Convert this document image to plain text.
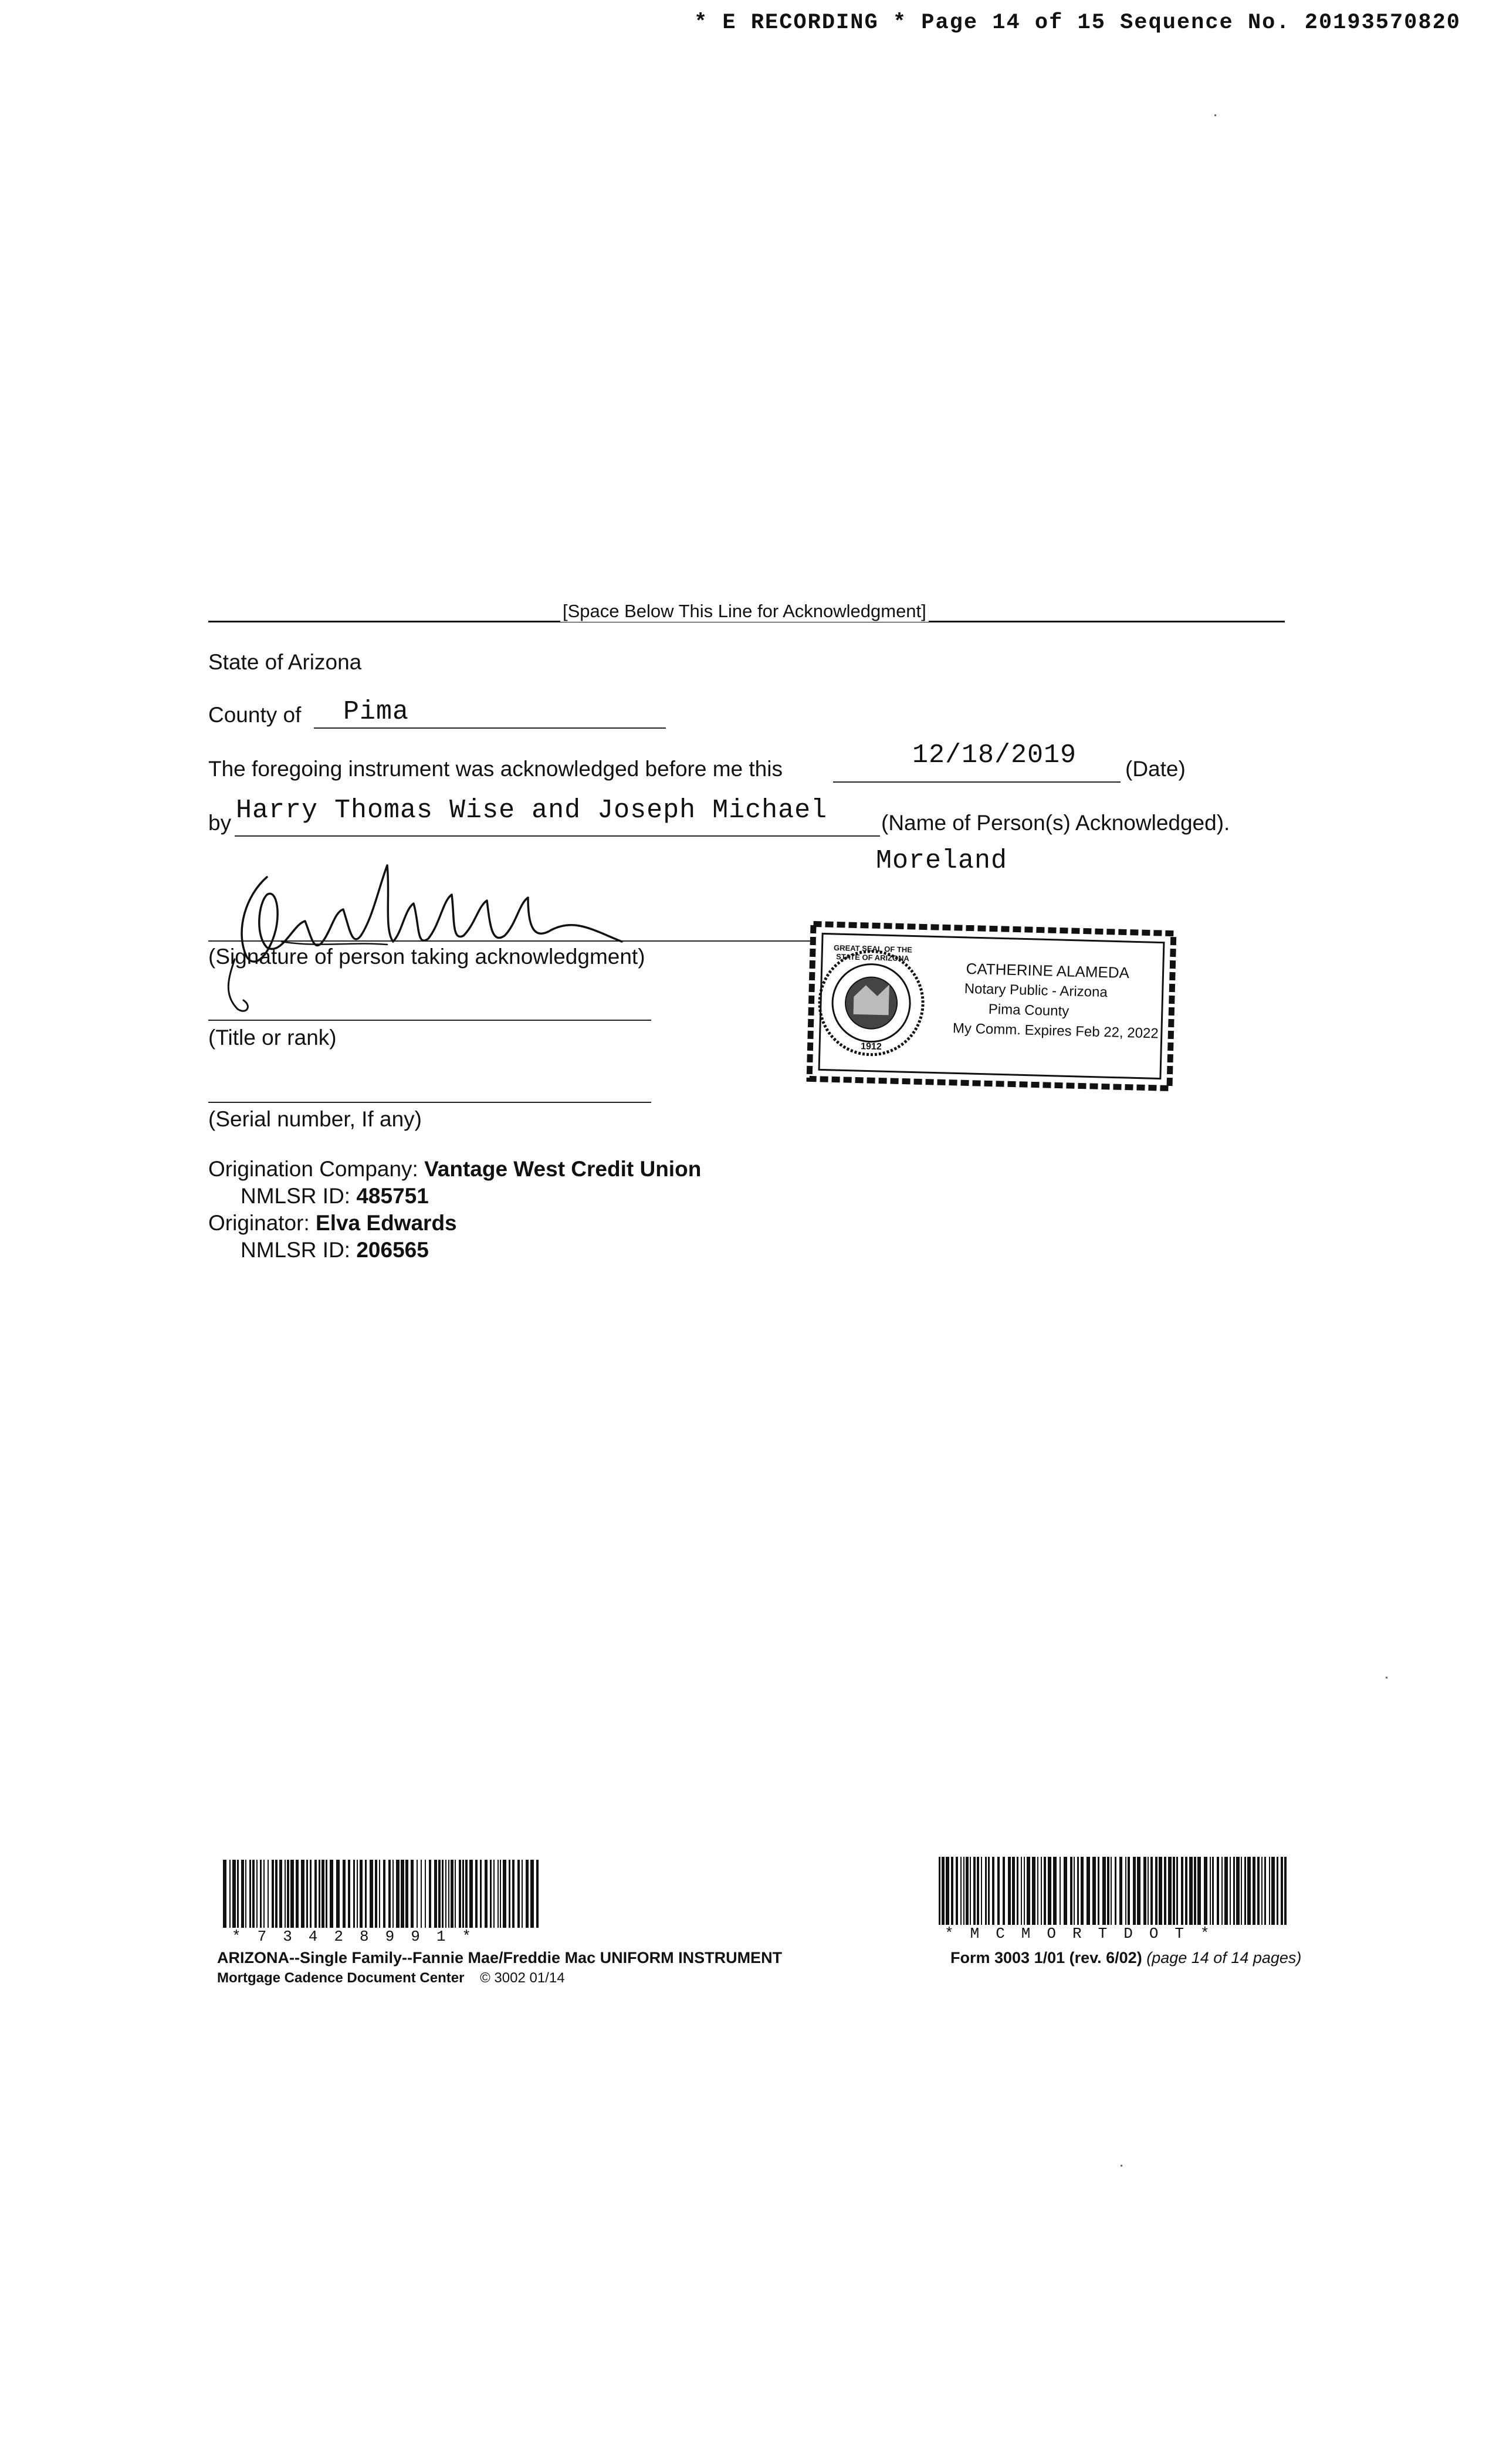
* E RECORDING * Page 14 of 15 Sequence No. 20193570820
[Space Below This Line for Acknowledgment]
State of Arizona
County of Pima
The foregoing instrument was acknowledged before me this	12/18/2019 (Date)
by Harry Thomas Wise and Joseph Michael (Name of Person(s) Acknowledged).
Moreland
(Signature of person taking acknowledgment)
(Title or rank)
(Serial number, If any)
1912
GREAT SEAL OF THE STATE OF ARIZONA
CATHERINE ALAMEDA
Notary Public - Arizona
Pima County
My Comm. Expires Feb 22, 2022
Origination Company: Vantage West Credit Union
NMLSR ID: 485751
Originator: Elva Edwards
NMLSR ID: 206565
*73428991*
ARIZONA--Single Family--Fannie Mae/Freddie Mac UNIFORM INSTRUMENT
Mortgage Cadence Document Center © 3002 01/14
*MCMORTDOT*
Form 3003 1/01 (rev. 6/02) (page 14 of 14 pages)
